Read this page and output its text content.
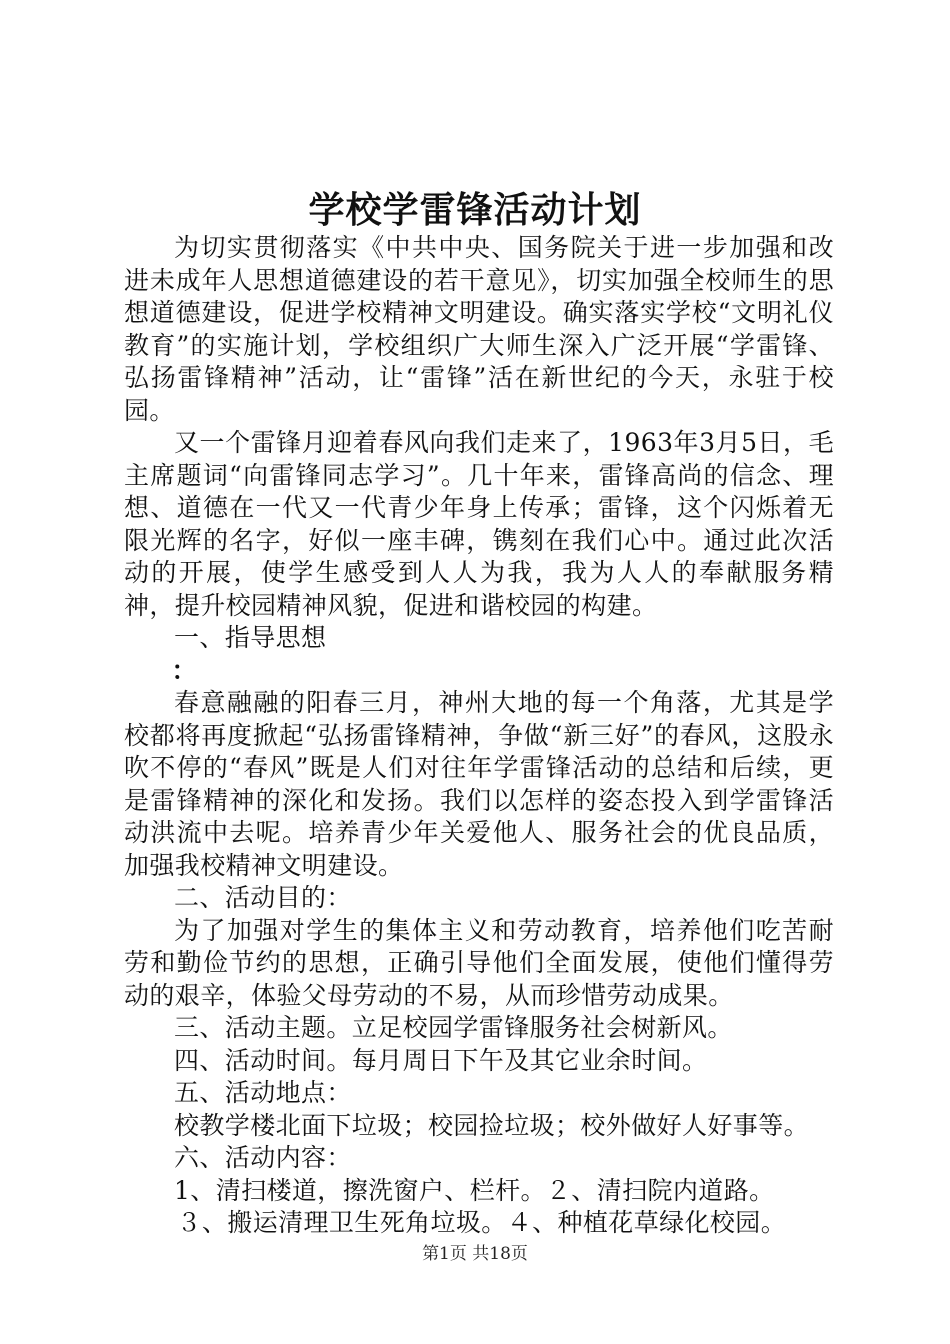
学校学雷锋活动计划

为切实贯彻落实《中共中央、国务院关于进一步加强和改进未成年人思想道德建设的若干意见》，切实加强全校师生的思想道德建设，促进学校精神文明建设。确实落实学校“文明礼仪教育”的实施计划，学校组织广大师生深入广泛开展“学雷锋、弘扬雷锋精神”活动，让“雷锋”活在新世纪的今天，永驻于校园。

又一个雷锋月迎着春风向我们走来了，1963年3月5日，毛主席题词“向雷锋同志学习”。几十年来，雷锋高尚的信念、理想、道德在一代又一代青少年身上传承；雷锋，这个闪烁着无限光辉的名字，好似一座丰碑，镌刻在我们心中。通过此次活动的开展，使学生感受到人人为我，我为人人的奉献服务精神，提升校园精神风貌，促进和谐校园的构建。

一、指导思想

：

春意融融的阳春三月，神州大地的每一个角落，尤其是学校都将再度掀起“弘扬雷锋精神，争做“新三好”的春风，这股永吹不停的“春风”既是人们对往年学雷锋活动的总结和后续，更是雷锋精神的深化和发扬。我们以怎样的姿态投入到学雷锋活动洪流中去呢。培养青少年关爱他人、服务社会的优良品质，加强我校精神文明建设。

二、活动目的：

为了加强对学生的集体主义和劳动教育，培养他们吃苦耐劳和勤俭节约的思想，正确引导他们全面发展，使他们懂得劳动的艰辛，体验父母劳动的不易，从而珍惜劳动成果。

三、活动主题。立足校园学雷锋服务社会树新风。

四、活动时间。每月周日下午及其它业余时间。

五、活动地点：

校教学楼北面下垃圾；校园捡垃圾；校外做好人好事等。

六、活动内容：

1、清扫楼道，擦洗窗户、栏杆。２、清扫院内道路。

３、搬运清理卫生死角垃圾。４、种植花草绿化校园。

第1页 共18页
